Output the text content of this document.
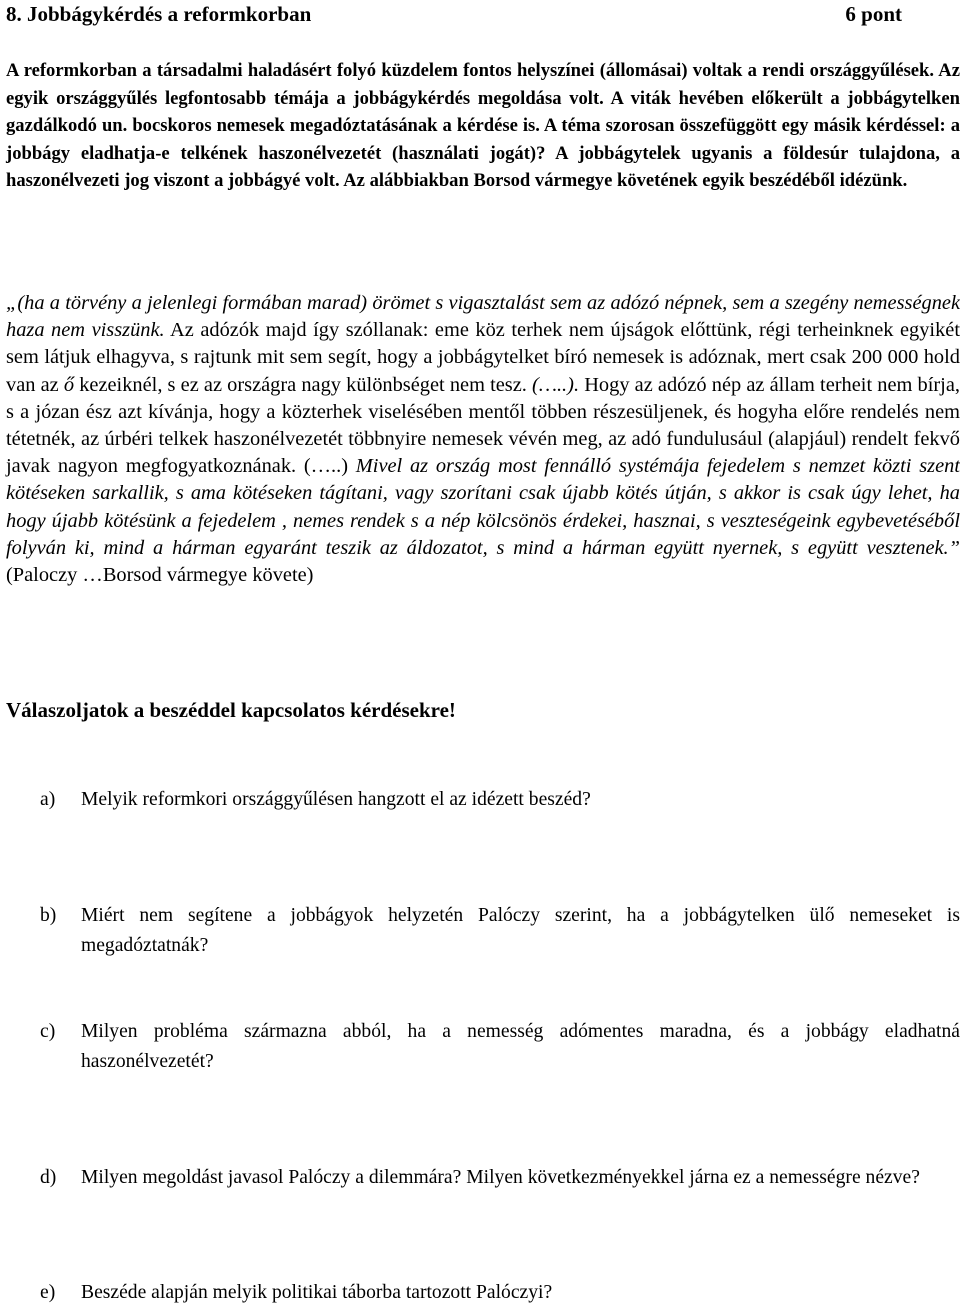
8. Jobbágykérdés a reformkorban	6 pont
A reformkorban a társadalmi haladásért folyó küzdelem fontos helyszínei (állomásai) voltak a rendi országgyűlések. Az egyik országgyűlés legfontosabb témája a jobbágykérdés megoldása volt. A viták hevében előkerült a jobbágytelken gazdálkodó un. bocskoros nemesek megadóztatásának a kérdése is. A téma szorosan összefüggött egy másik kérdéssel: a jobbágy eladhatja-e telkének haszonélvezetét (használati jogát)? A jobbágytelek ugyanis a földesúr tulajdona, a haszonélvezeti jog viszont a jobbágyé volt. Az alábbiakban Borsod vármegye követének egyik beszédéből idézünk.
„(ha a törvény a jelenlegi formában marad) örömet s vigasztalást sem az adózó népnek, sem a szegény nemességnek haza nem visszünk. Az adózók majd így szóllanak: eme köz terhek nem újságok előttünk, régi terheinknek egyikét sem látjuk elhagyva, s rajtunk mit sem segít, hogy a jobbágytelket bíró nemesek is adóznak, mert csak 200 000 hold van az ő kezeiknél, s ez az országra nagy különbséget nem tesz. (…..). Hogy az adózó nép az állam terheit nem bírja, s a józan ész azt kívánja, hogy a közterhek viselésében mentől többen részesüljenek, és hogyha előre rendelés nem tétetnék, az úrbéri telkek haszonélvezetét többnyire nemesek vévén meg, az adó fundulusául (alapjául) rendelt fekvő javak nagyon megfogyatkoznának. (…..) Mivel az ország most fennálló systémája fejedelem s nemzet közti szent kötéseken sarkallik, s ama kötéseken tágítani, vagy szorítani csak újabb kötés útján, s akkor is csak úgy lehet, ha hogy újabb kötésünk a fejedelem , nemes rendek s a nép kölcsönös érdekei, hasznai, s veszteségeink egybevetéséből folyván ki, mind a hárman egyaránt teszik az áldozatot, s mind a hárman együtt nyernek, s együtt vesztenek.” (Paloczy …Borsod vármegye követe)
Válaszoljatok a beszéddel kapcsolatos kérdésekre!
a) Melyik reformkori országgyűlésen hangzott el az idézett beszéd?
b) Miért nem segítene a jobbágyok helyzetén Palóczy szerint, ha a jobbágytelken ülő nemeseket is megadóztatnák?
c) Milyen probléma származna abból, ha a nemesség adómentes maradna, és a jobbágy eladhatná haszonélvezetét?
d) Milyen megoldást javasol Palóczy a dilemmára? Milyen következményekkel járna ez a nemességre nézve?
e) Beszéde alapján melyik politikai táborba tartozott Palóczyi?
